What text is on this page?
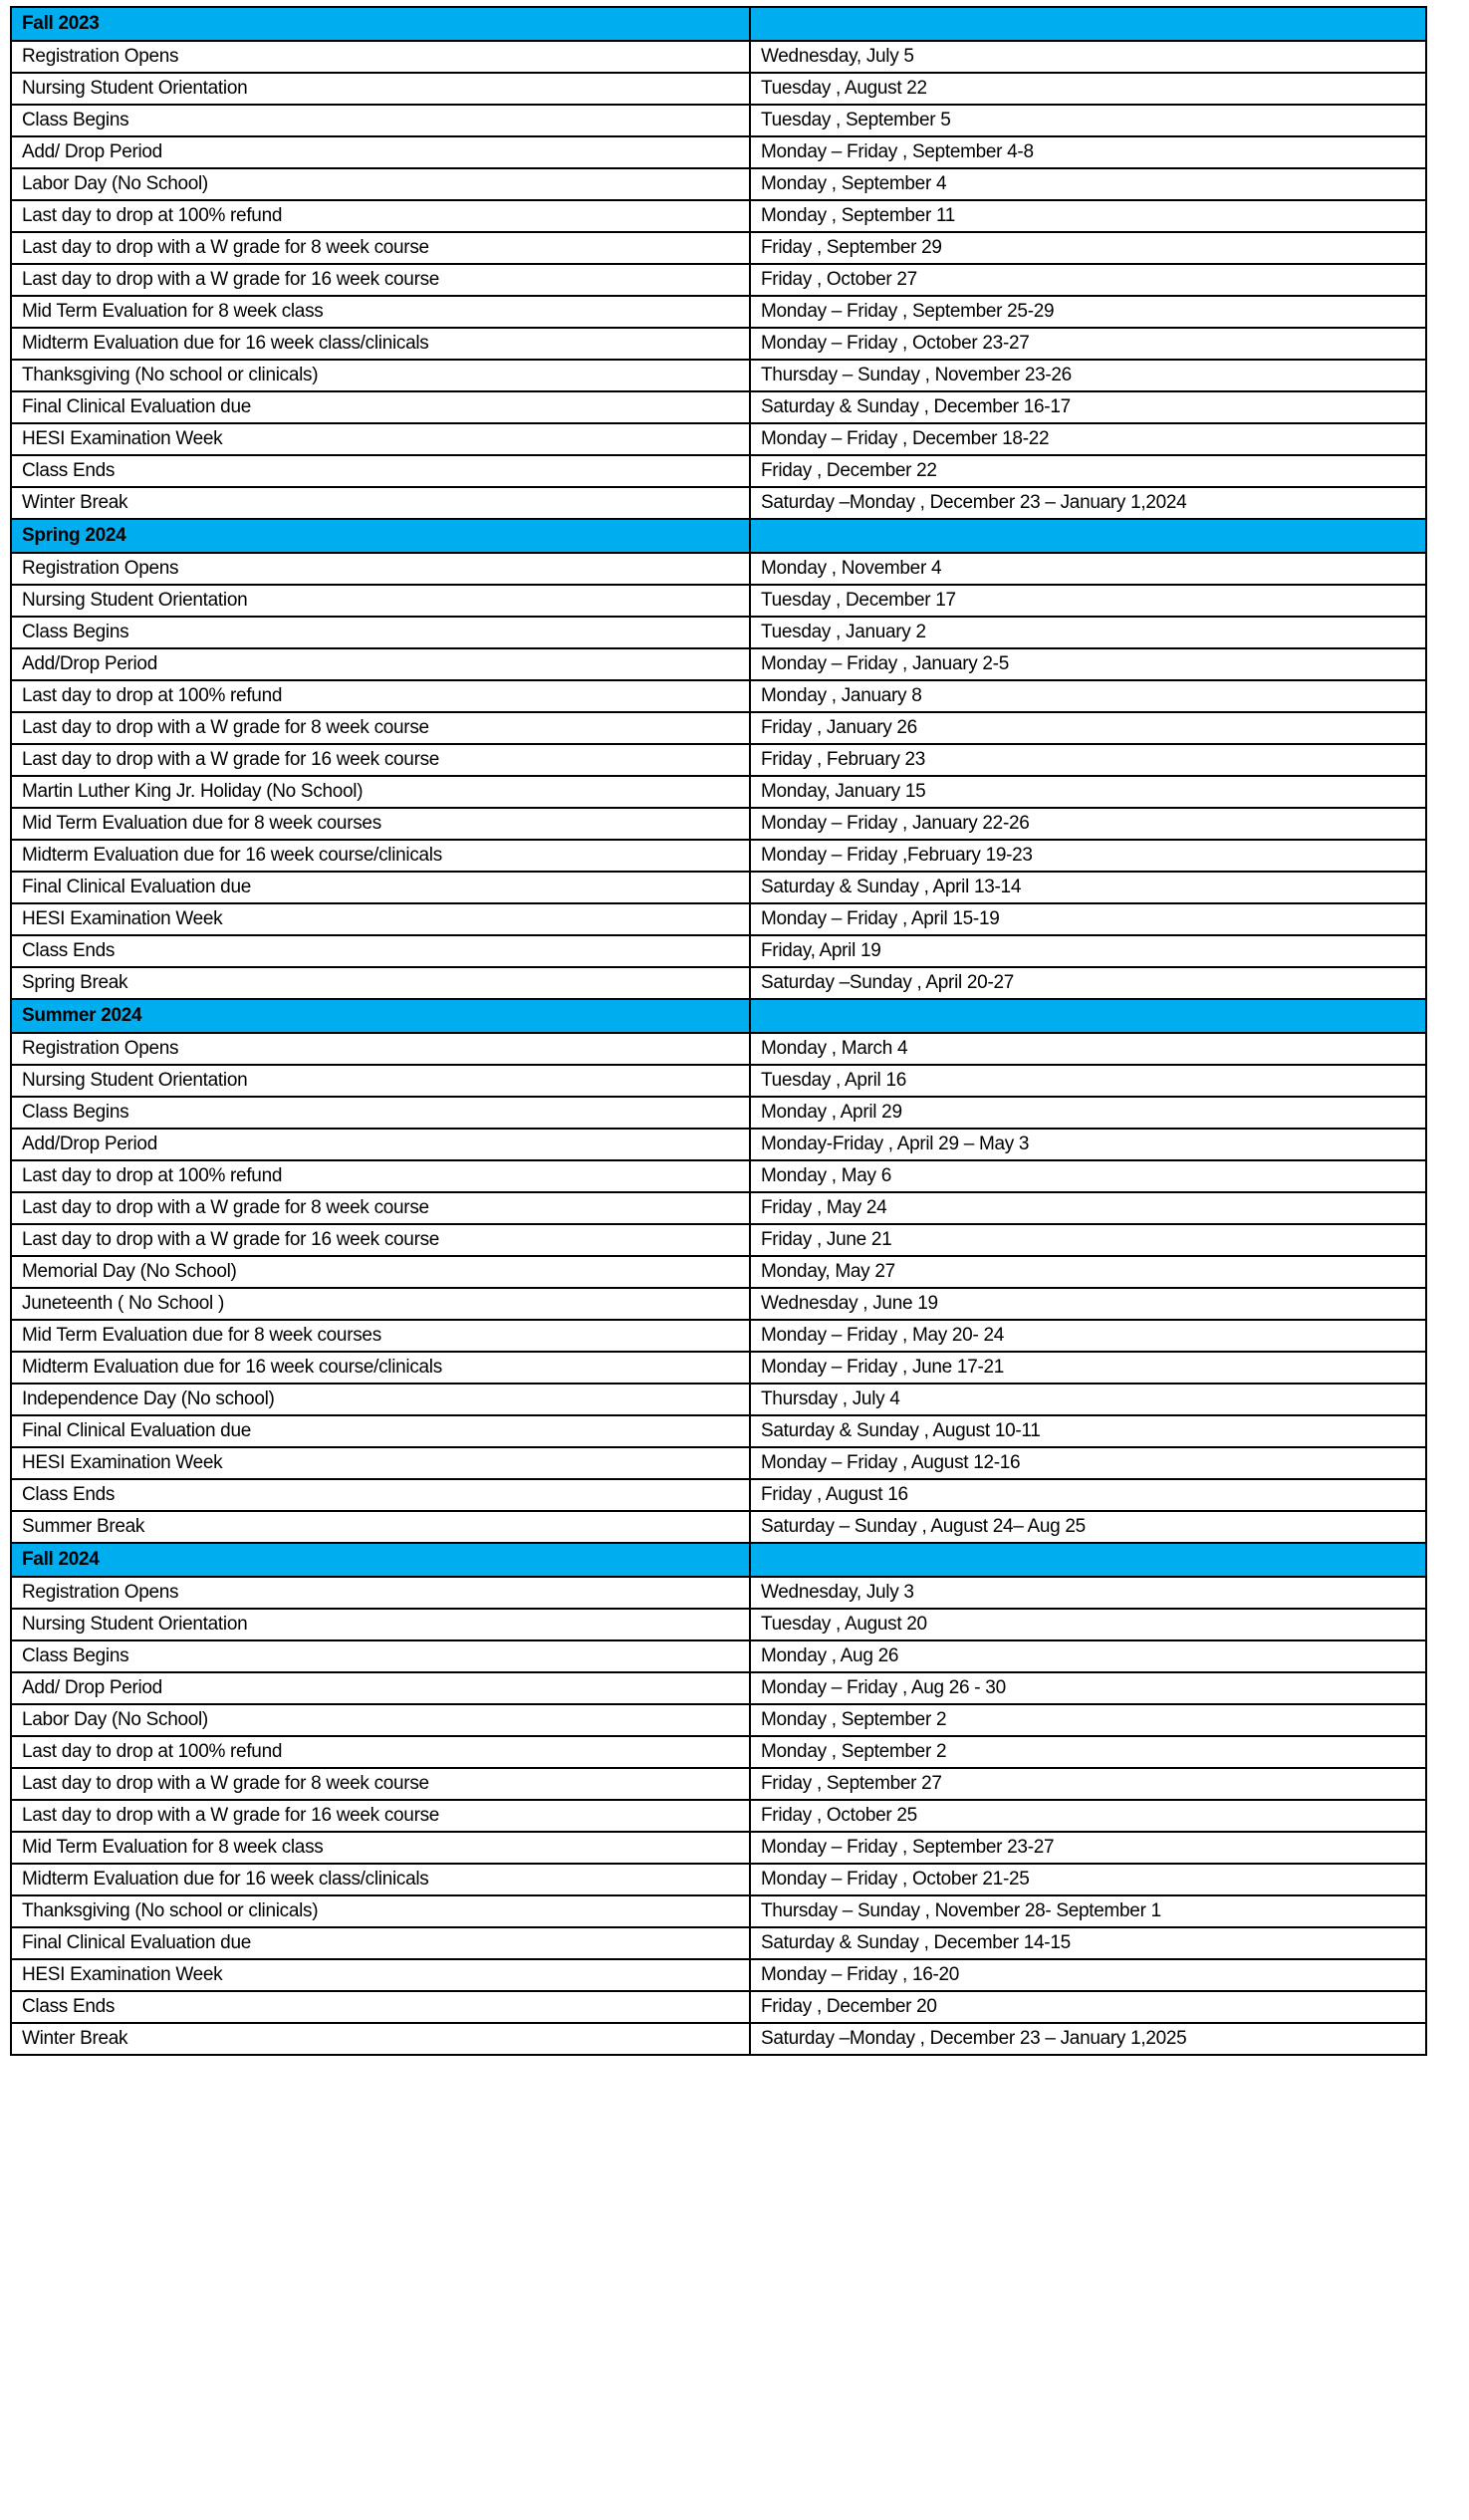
Fall 2023	
Registration Opens	Wednesday, July 5
Nursing Student Orientation	Tuesday , August 22
Class Begins	Tuesday , September 5
Add/ Drop Period	Monday – Friday , September 4-8
Labor Day (No School)	Monday , September 4
Last day to drop at 100% refund	Monday , September 11
Last day to drop with a W grade for 8 week course	Friday , September 29
Last day to drop with a W grade for 16 week course	Friday , October 27
Mid Term Evaluation for 8 week class	Monday – Friday , September 25-29
Midterm Evaluation due for 16 week class/clinicals	Monday – Friday , October 23-27
Thanksgiving (No school or clinicals)	Thursday – Sunday , November 23-26
Final Clinical Evaluation due	Saturday & Sunday , December 16-17
HESI Examination Week	Monday – Friday , December 18-22
Class Ends	Friday , December 22
Winter Break	Saturday –Monday , December 23 – January 1,2024
Spring 2024	
Registration Opens	Monday , November 4
Nursing Student Orientation	Tuesday , December 17
Class Begins	Tuesday , January 2
Add/Drop Period	Monday – Friday , January 2-5
Last day to drop at 100% refund	Monday , January 8
Last day to drop with a W grade for 8 week course	Friday , January 26
Last day to drop with a W grade for 16 week course	Friday , February 23
Martin Luther King Jr. Holiday (No School)	Monday, January 15
Mid Term Evaluation due for 8 week courses	Monday – Friday , January 22-26
Midterm Evaluation due for 16 week course/clinicals	Monday – Friday ,February 19-23
Final Clinical Evaluation due	Saturday & Sunday , April 13-14
HESI Examination Week	Monday – Friday , April 15-19
Class Ends	Friday, April 19
Spring Break	Saturday –Sunday , April 20-27
Summer 2024	
Registration Opens	Monday , March 4
Nursing Student Orientation	Tuesday , April 16
Class Begins	Monday , April 29
Add/Drop Period	Monday-Friday , April 29 – May 3
Last day to drop at 100% refund	Monday , May 6
Last day to drop with a W grade for 8 week course	Friday , May 24
Last day to drop with a W grade for 16 week course	Friday , June 21
Memorial Day (No School)	Monday, May 27
Juneteenth ( No School )	Wednesday , June 19
Mid Term Evaluation due for 8 week courses	Monday – Friday , May 20- 24
Midterm Evaluation due for 16 week course/clinicals	Monday – Friday , June 17-21
Independence Day (No school)	Thursday , July 4
Final Clinical Evaluation due	Saturday & Sunday , August 10-11
HESI Examination Week	Monday – Friday , August 12-16
Class Ends	Friday , August 16
Summer Break	Saturday – Sunday , August 24– Aug 25
Fall 2024	
Registration Opens	Wednesday, July 3
Nursing Student Orientation	Tuesday , August 20
Class Begins	Monday , Aug 26
Add/ Drop Period	Monday – Friday , Aug 26 - 30
Labor Day (No School)	Monday , September 2
Last day to drop at 100% refund	Monday , September 2
Last day to drop with a W grade for 8 week course	Friday , September 27
Last day to drop with a W grade for 16 week course	Friday , October 25
Mid Term Evaluation for 8 week class	Monday – Friday , September 23-27
Midterm Evaluation due for 16 week class/clinicals	Monday – Friday , October 21-25
Thanksgiving (No school or clinicals)	Thursday – Sunday , November 28- September 1
Final Clinical Evaluation due	Saturday & Sunday , December 14-15
HESI Examination Week	Monday – Friday , 16-20
Class Ends	Friday , December 20
Winter Break	Saturday –Monday , December 23 – January 1,2025
